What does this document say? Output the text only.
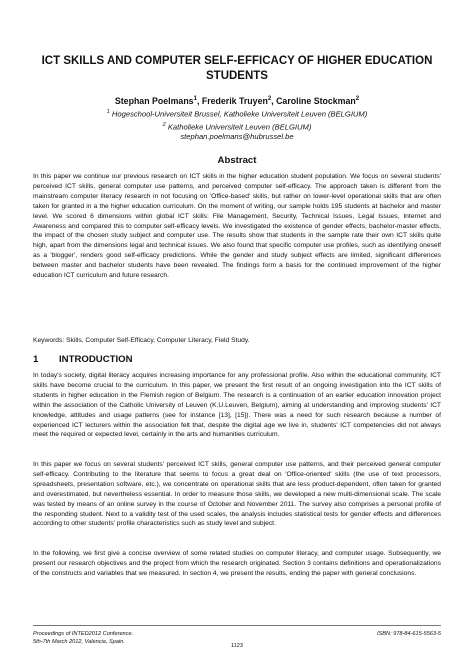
ICT SKILLS AND COMPUTER SELF-EFFICACY OF HIGHER EDUCATION STUDENTS
Stephan Poelmans$^1$, Frederik Truyen$^2$, Caroline Stockman$^2$
$^1$ Hogeschool-Universiteit Brussel, Katholieke Universiteit Leuven (BELGIUM)
$^2$ Katholieke Universiteit Leuven (BELGIUM)
stephan.poelmans@hubrussel.be
Abstract

In this paper we continue our previous research on ICT skills in the higher education student population. We focus on several students' perceived ICT skills, general computer use patterns, and perceived computer self-efficacy. The approach taken is different from the mainstream computer literacy research in not focusing on 'Office-based' skills, but rather on lower-level operational skills that are often taken for granted in a the higher education curriculum. On the moment of writing, our sample holds 195 students at bachelor and master level. We scored 6 dimensions within global ICT skills: File Management, Security, Technical Issues, Legal Issues, Internet and Awareness and compared this to computer self-efficacy levels. We investigated the existence of gender effects, bachelor-master effects, the impact of the chosen study subject and computer use. The results show that students in the sample rate their own ICT skills quite high, apart from the dimensions legal and technical issues. We also found that specific computer use profiles, such as identifying oneself as a 'blogger', renders good self-efficacy predictions. While the gender and study subject effects are limited, significant differences between master and bachelor students have been revealed. The findings form a basis for the continued improvement of the higher education ICT curriculum and future research.

Keywords: Skills, Computer Self-Efficacy, Computer Literacy, Field Study.

1 INTRODUCTION

In today's society, digital literacy acquires increasing importance for any professional profile. Also within the educational community, ICT skills have become crucial to the curriculum. In this paper, we present the first result of an ongoing investigation into the ICT skills of students in higher education in the Flemish region of Belgium. The research is a continuation of an earlier education innovation project within the association of the Catholic University of Leuven (K.U.Leuven, Belgium), aiming at understanding and improving students' ICT knowledge, attitudes and usage patterns (see for instance [13], [15]). There was a need for such research because a number of experienced ICT lecturers within the association felt that, despite the digital age we live in, students' ICT competencies did not always meet the required or expected level, certainly in the arts and humanities curriculum.

In this paper we focus on several students' perceived ICT skills, general computer use patterns, and their perceived general computer self-efficacy. Contributing to the literature that seems to focus a great deal on 'Office-oriented' skills (the use of text processors, spreadsheets, presentation software, etc.), we concentrate on operational skills that are less product-dependent, often taken for granted and overestimated, but nevertheless essential. In order to measure those skills, we developed a new multi-dimensional scale. The scale was tested by means of an online survey in the course of October and November 2011. The survey also comprises a personal profile of the responding student. Next to a validity test of the used scales, the analysis includes statistical tests for gender effects and differences according to other students' profile characteristics such as study level and subject.

In the following, we first give a concise overview of some related studies on computer literacy, and computer usage. Subsequently, we present our research objectives and the project from which the research originated. Section 3 contains definitions and operationalizations of the constructs and variables that we measured. In section 4, we present the results, ending the paper with general conclusions.

Proceedings of INTED2012 Conference.
5th-7th March 2012, Valencia, Spain.
ISBN: 978-84-615-5563-5
1123
